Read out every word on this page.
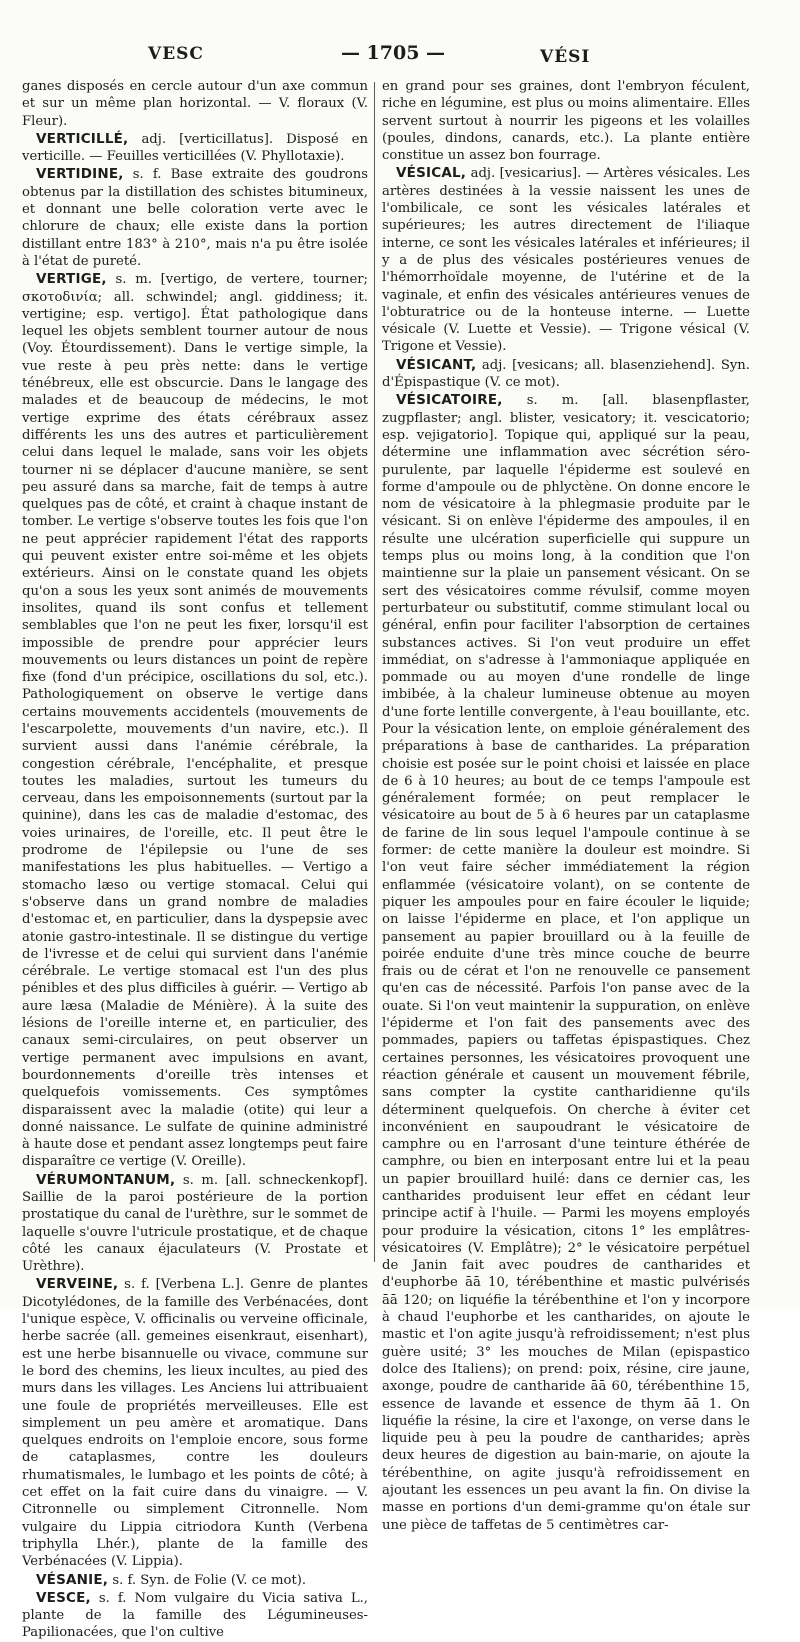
VESC	— 1705 —	VÉSI

ganes disposés en cercle autour d'un axe commun et sur un même plan horizontal. — V. floraux (V. Fleur).

VERTICILLÉ, adj. [verticillatus]. Disposé en verticille. — Feuilles verticillées (V. Phyllotaxie).

VERTIDINE, s. f. Base extraite des goudrons obtenus par la distillation des schistes bitumineux, et donnant une belle coloration verte avec le chlorure de chaux; elle existe dans la portion distillant entre 183° à 210°, mais n'a pu être isolée à l'état de pureté.

VERTIGE, s. m. [vertigo, de vertere, tourner; σκοτοδινία; all. schwindel; angl. giddiness; it. vertigine; esp. vertigo]. État pathologique dans lequel les objets semblent tourner autour de nous (Voy. Étourdissement). Dans le vertige simple, la vue reste à peu près nette: dans le vertige ténébreux, elle est obscurcie. Dans le langage des malades et de beaucoup de médecins, le mot vertige exprime des états cérébraux assez différents les uns des autres et particulièrement celui dans lequel le malade, sans voir les objets tourner ni se déplacer d'aucune manière, se sent peu assuré dans sa marche, fait de temps à autre quelques pas de côté, et craint à chaque instant de tomber. Le vertige s'observe toutes les fois que l'on ne peut apprécier rapidement l'état des rapports qui peuvent exister entre soi-même et les objets extérieurs. Ainsi on le constate quand les objets qu'on a sous les yeux sont animés de mouvements insolites, quand ils sont confus et tellement semblables que l'on ne peut les fixer, lorsqu'il est impossible de prendre pour apprécier leurs mouvements ou leurs distances un point de repère fixe (fond d'un précipice, oscillations du sol, etc.). Pathologiquement on observe le vertige dans certains mouvements accidentels (mouvements de l'escarpolette, mouvements d'un navire, etc.). Il survient aussi dans l'anémie cérébrale, la congestion cérébrale, l'encéphalite, et presque toutes les maladies, surtout les tumeurs du cerveau, dans les empoisonnements (surtout par la quinine), dans les cas de maladie d'estomac, des voies urinaires, de l'oreille, etc. Il peut être le prodrome de l'épilepsie ou l'une de ses manifestations les plus habituelles. — Vertigo a stomacho læso ou vertige stomacal. Celui qui s'observe dans un grand nombre de maladies d'estomac et, en particulier, dans la dyspepsie avec atonie gastro-intestinale. Il se distingue du vertige de l'ivresse et de celui qui survient dans l'anémie cérébrale. Le vertige stomacal est l'un des plus pénibles et des plus difficiles à guérir. — Vertigo ab aure læsa (Maladie de Ménière). À la suite des lésions de l'oreille interne et, en particulier, des canaux semi-circulaires, on peut observer un vertige permanent avec impulsions en avant, bourdonnements d'oreille très intenses et quelquefois vomissements. Ces symptômes disparaissent avec la maladie (otite) qui leur a donné naissance. Le sulfate de quinine administré à haute dose et pendant assez longtemps peut faire disparaître ce vertige (V. Oreille).

VÉRUMONTANUM, s. m. [all. schneckenkopf]. Saillie de la paroi postérieure de la portion prostatique du canal de l'urèthre, sur le sommet de laquelle s'ouvre l'utricule prostatique, et de chaque côté les canaux éjaculateurs (V. Prostate et Urèthre).

VERVEINE, s. f. [Verbena L.]. Genre de plantes Dicotylédones, de la famille des Verbénacées, dont l'unique espèce, V. officinalis ou verveine officinale, herbe sacrée (all. gemeines eisenkraut, eisenhart), est une herbe bisannuelle ou vivace, commune sur le bord des chemins, les lieux incultes, au pied des murs dans les villages. Les Anciens lui attribuaient une foule de propriétés merveilleuses. Elle est simplement un peu amère et aromatique. Dans quelques endroits on l'emploie encore, sous forme de cataplasmes, contre les douleurs rhumatismales, le lumbago et les points de côté; à cet effet on la fait cuire dans du vinaigre. — V. Citronnelle ou simplement Citronnelle. Nom vulgaire du Lippia citriodora Kunth (Verbena triphylla Lhér.), plante de la famille des Verbénacées (V. Lippia).

VÉSANIE, s. f. Syn. de Folie (V. ce mot).

VESCE, s. f. Nom vulgaire du Vicia sativa L., plante de la famille des Légumineuses-Papilionacées, que l'on cultive

en grand pour ses graines, dont l'embryon féculent, riche en légumine, est plus ou moins alimentaire. Elles servent surtout à nourrir les pigeons et les volailles (poules, dindons, canards, etc.). La plante entière constitue un assez bon fourrage.

VÉSICAL, adj. [vesicarius]. — Artères vésicales. Les artères destinées à la vessie naissent les unes de l'ombilicale, ce sont les vésicales latérales et supérieures; les autres directement de l'iliaque interne, ce sont les vésicales latérales et inférieures; il y a de plus des vésicales postérieures venues de l'hémorrhoïdale moyenne, de l'utérine et de la vaginale, et enfin des vésicales antérieures venues de l'obturatrice ou de la honteuse interne. — Luette vésicale (V. Luette et Vessie). — Trigone vésical (V. Trigone et Vessie).

VÉSICANT, adj. [vesicans; all. blasenziehend]. Syn. d'Épispastique (V. ce mot).

VÉSICATOIRE, s. m. [all. blasenpflaster, zugpflaster; angl. blister, vesicatory; it. vescicatorio; esp. vejigatorio]. Topique qui, appliqué sur la peau, détermine une inflammation avec sécrétion séro-purulente, par laquelle l'épiderme est soulevé en forme d'ampoule ou de phlyctène. On donne encore le nom de vésicatoire à la phlegmasie produite par le vésicant. Si on enlève l'épiderme des ampoules, il en résulte une ulcération superficielle qui suppure un temps plus ou moins long, à la condition que l'on maintienne sur la plaie un pansement vésicant. On se sert des vésicatoires comme révulsif, comme moyen perturbateur ou substitutif, comme stimulant local ou général, enfin pour faciliter l'absorption de certaines substances actives. Si l'on veut produire un effet immédiat, on s'adresse à l'ammoniaque appliquée en pommade ou au moyen d'une rondelle de linge imbibée, à la chaleur lumineuse obtenue au moyen d'une forte lentille convergente, à l'eau bouillante, etc. Pour la vésication lente, on emploie généralement des préparations à base de cantharides. La préparation choisie est posée sur le point choisi et laissée en place de 6 à 10 heures; au bout de ce temps l'ampoule est généralement formée; on peut remplacer le vésicatoire au bout de 5 à 6 heures par un cataplasme de farine de lin sous lequel l'ampoule continue à se former: de cette manière la douleur est moindre. Si l'on veut faire sécher immédiatement la région enflammée (vésicatoire volant), on se contente de piquer les ampoules pour en faire écouler le liquide; on laisse l'épiderme en place, et l'on applique un pansement au papier brouillard ou à la feuille de poirée enduite d'une très mince couche de beurre frais ou de cérat et l'on ne renouvelle ce pansement qu'en cas de nécessité. Parfois l'on panse avec de la ouate. Si l'on veut maintenir la suppuration, on enlève l'épiderme et l'on fait des pansements avec des pommades, papiers ou taffetas épispastiques. Chez certaines personnes, les vésicatoires provoquent une réaction générale et causent un mouvement fébrile, sans compter la cystite cantharidienne qu'ils déterminent quelquefois. On cherche à éviter cet inconvénient en saupoudrant le vésicatoire de camphre ou en l'arrosant d'une teinture éthérée de camphre, ou bien en interposant entre lui et la peau un papier brouillard huilé: dans ce dernier cas, les cantharides produisent leur effet en cédant leur principe actif à l'huile. — Parmi les moyens employés pour produire la vésication, citons 1° les emplâtres-vésicatoires (V. Emplâtre); 2° le vésicatoire perpétuel de Janin fait avec poudres de cantharides et d'euphorbe āā 10, térébenthine et mastic pulvérisés āā 120; on liquéfie la térébenthine et l'on y incorpore à chaud l'euphorbe et les cantharides, on ajoute le mastic et l'on agite jusqu'à refroidissement; n'est plus guère usité; 3° les mouches de Milan (epispastico dolce des Italiens); on prend: poix, résine, cire jaune, axonge, poudre de cantharide āā 60, térébenthine 15, essence de lavande et essence de thym āā 1. On liquéfie la résine, la cire et l'axonge, on verse dans le liquide peu à peu la poudre de cantharides; après deux heures de digestion au bain-marie, on ajoute la térébenthine, on agite jusqu'à refroidissement en ajoutant les essences un peu avant la fin. On divise la masse en portions d'un demi-gramme qu'on étale sur une pièce de taffetas de 5 centimètres car-
